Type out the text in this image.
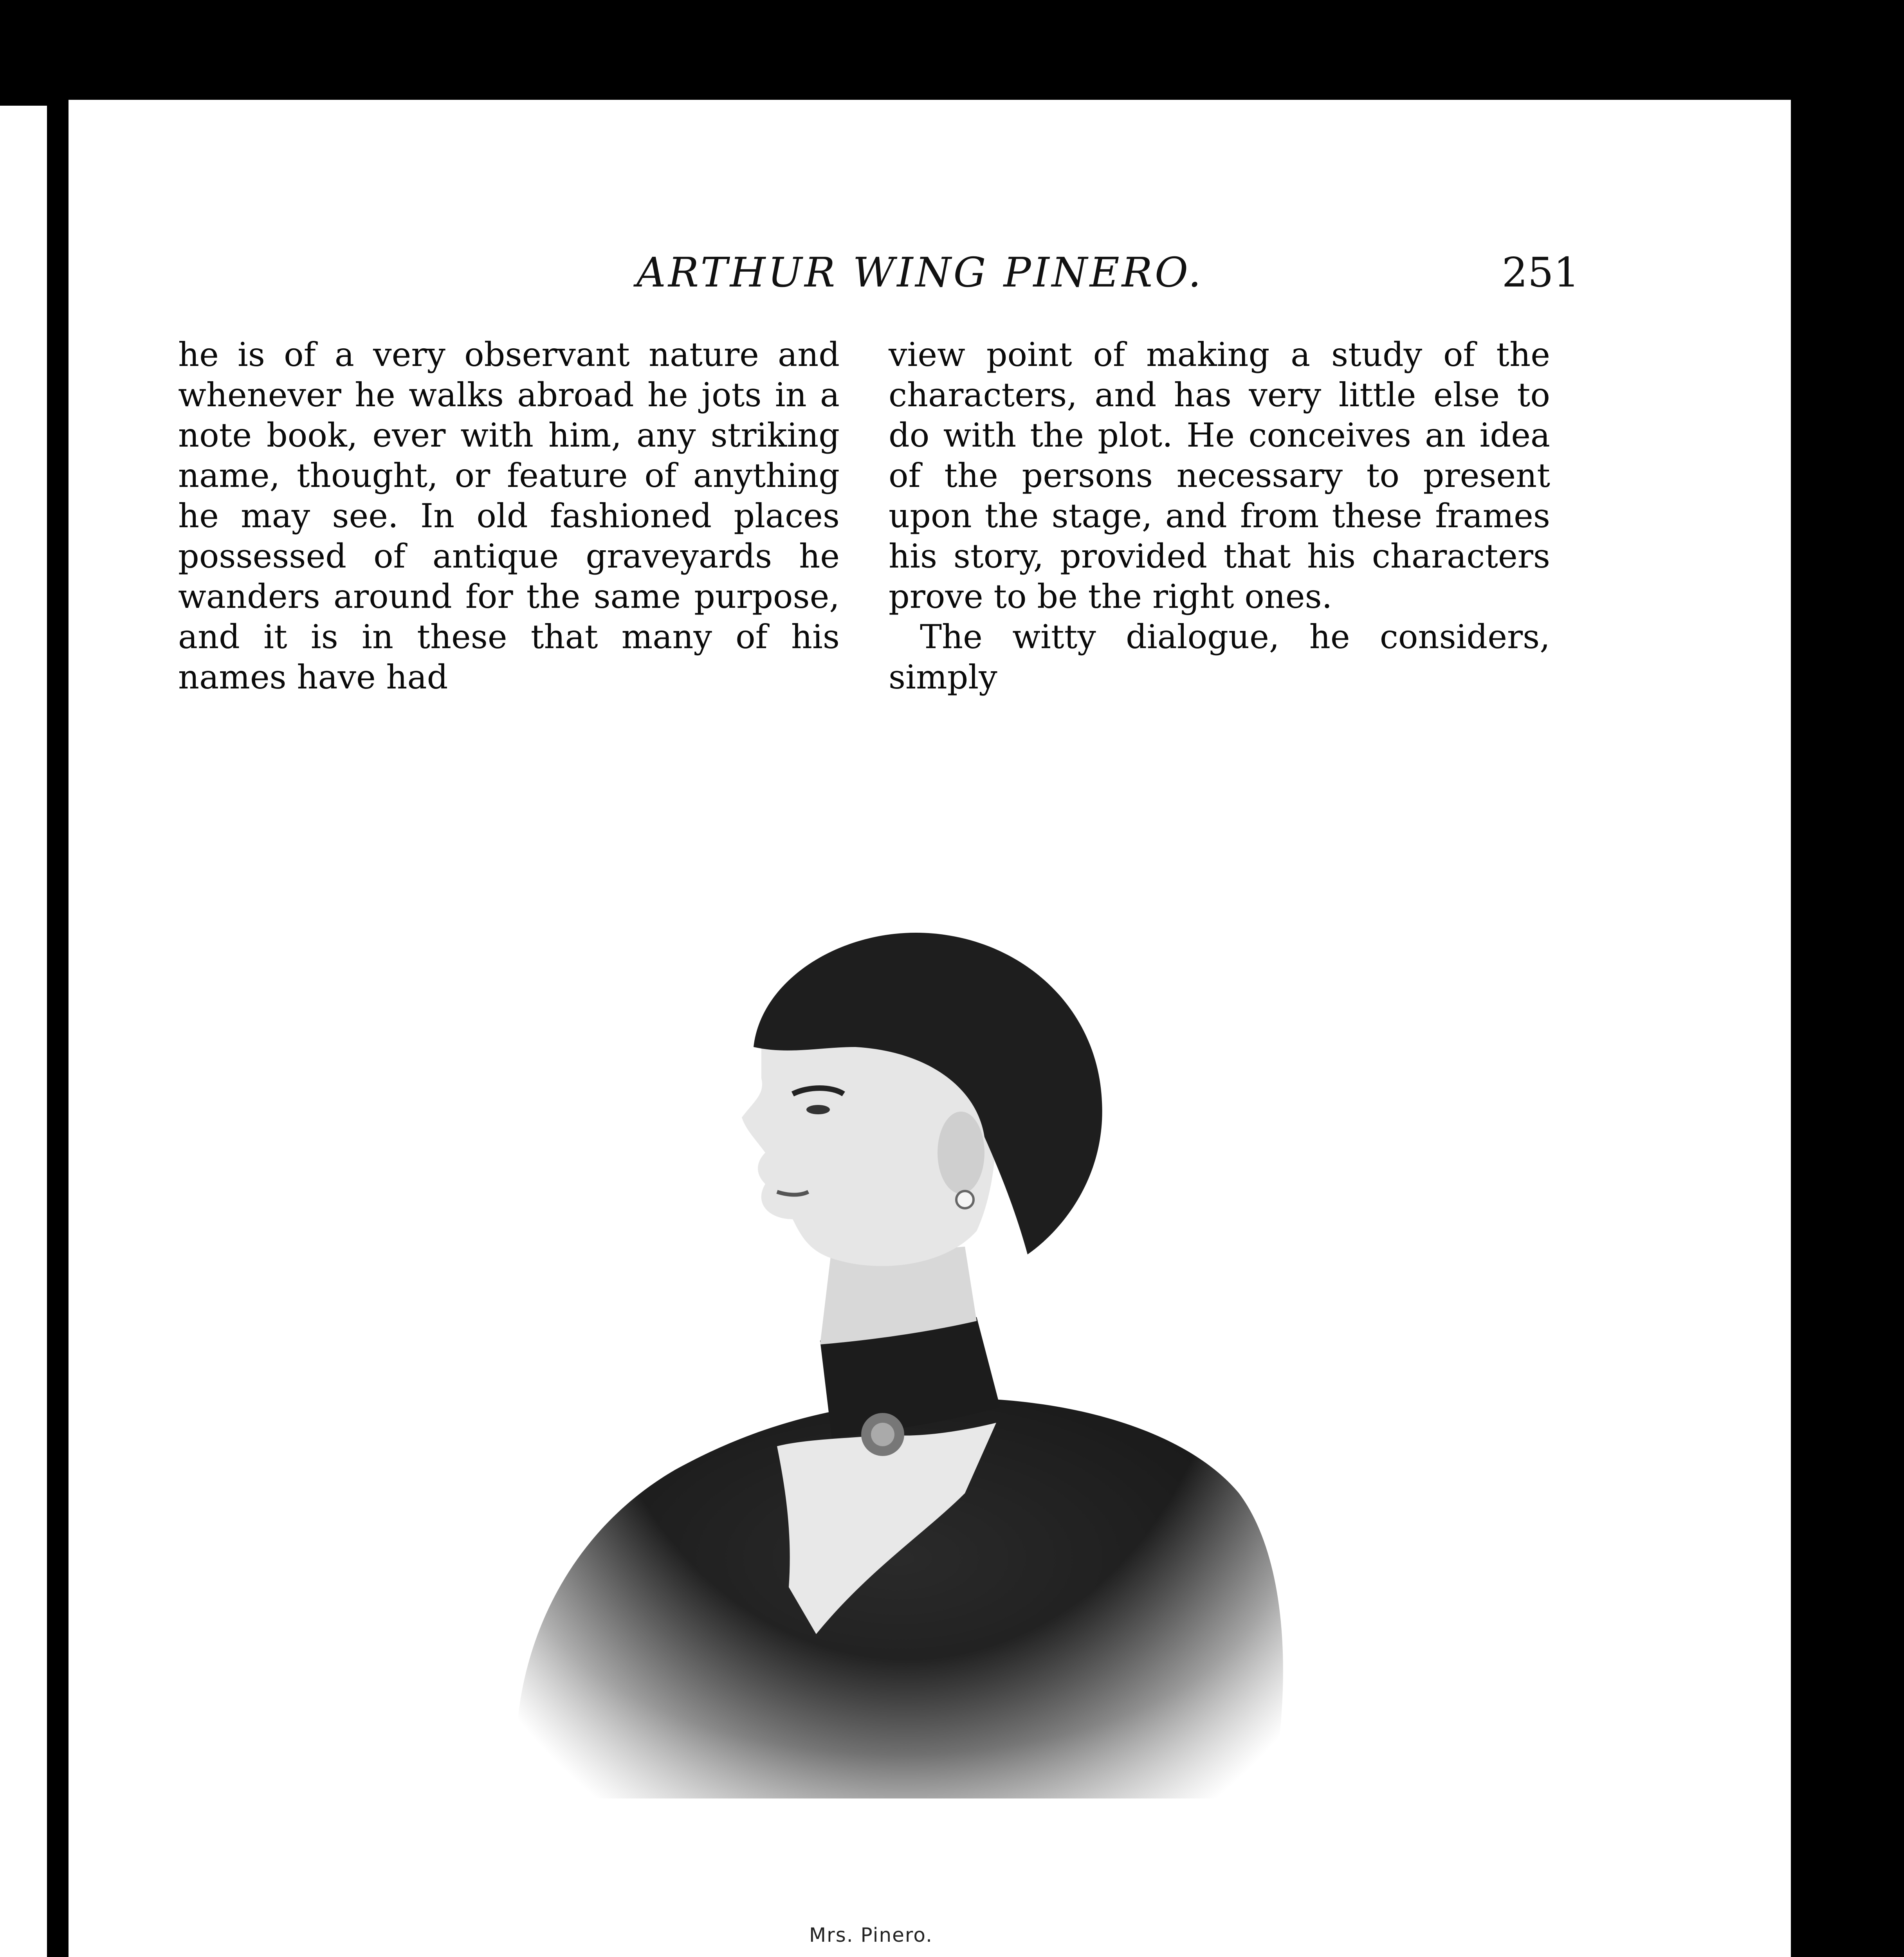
ARTHUR WING PINERO.	251

he is of a very observant nature and whenever he walks abroad he jots in a note book, ever with him, any striking name, thought, or feature of anything he may see. In old fashioned places possessed of antique graveyards he wanders around for the same purpose, and it is in these that many of his names have had

view point of making a study of the characters, and has very little else to do with the plot. He conceives an idea of the persons necessary to present upon the stage, and from these frames his story, provided that his characters prove to be the right ones.

The witty dialogue, he considers, simply

Mrs. Pinero.
